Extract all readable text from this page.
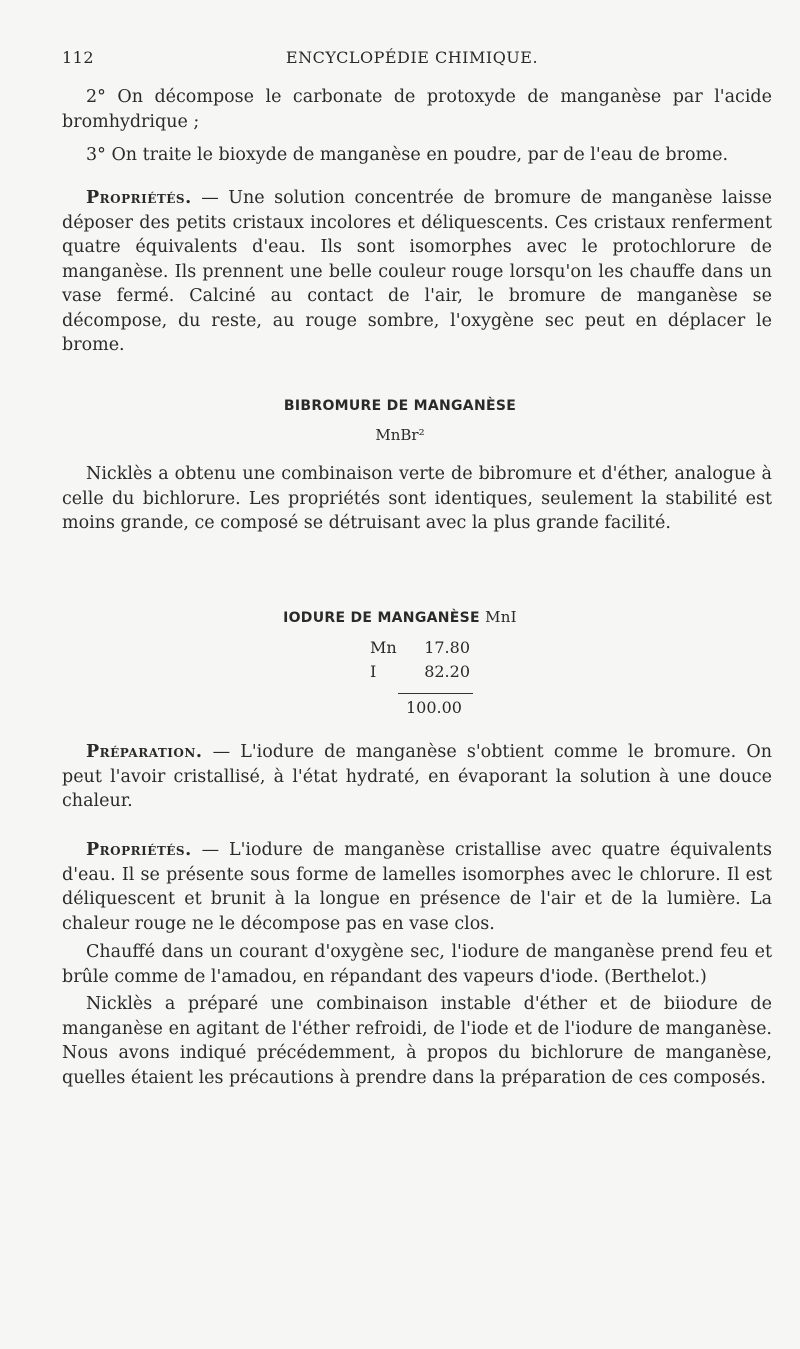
112	ENCYCLOPÉDIE CHIMIQUE.
2° On décompose le carbonate de protoxyde de manganèse par l'acide bromhydrique ;
3° On traite le bioxyde de manganèse en poudre, par de l'eau de brome.
Propriétés. — Une solution concentrée de bromure de manganèse laisse déposer des petits cristaux incolores et déliquescents. Ces cristaux renferment quatre équivalents d'eau. Ils sont isomorphes avec le protochlorure de manganèse. Ils prennent une belle couleur rouge lorsqu'on les chauffe dans un vase fermé. Calciné au contact de l'air, le bromure de manganèse se décompose, du reste, au rouge sombre, l'oxygène sec peut en déplacer le brome.
BIBROMURE DE MANGANÈSE
MnBr²
Nicklès a obtenu une combinaison verte de bibromure et d'éther, analogue à celle du bichlorure. Les propriétés sont identiques, seulement la stabilité est moins grande, ce composé se détruisant avec la plus grande facilité.
IODURE DE MANGANÈSE MnI
Mn 17.80
I	82.20
100.00
Préparation. — L'iodure de manganèse s'obtient comme le bromure. On peut l'avoir cristallisé, à l'état hydraté, en évaporant la solution à une douce chaleur.
Propriétés. — L'iodure de manganèse cristallise avec quatre équivalents d'eau. Il se présente sous forme de lamelles isomorphes avec le chlorure. Il est déliquescent et brunit à la longue en présence de l'air et de la lumière. La chaleur rouge ne le décompose pas en vase clos.
Chauffé dans un courant d'oxygène sec, l'iodure de manganèse prend feu et brûle comme de l'amadou, en répandant des vapeurs d'iode. (Berthelot.)
Nicklès a préparé une combinaison instable d'éther et de biiodure de manganèse en agitant de l'éther refroidi, de l'iode et de l'iodure de manganèse. Nous avons indiqué précédemment, à propos du bichlorure de manganèse, quelles étaient les précautions à prendre dans la préparation de ces composés.
